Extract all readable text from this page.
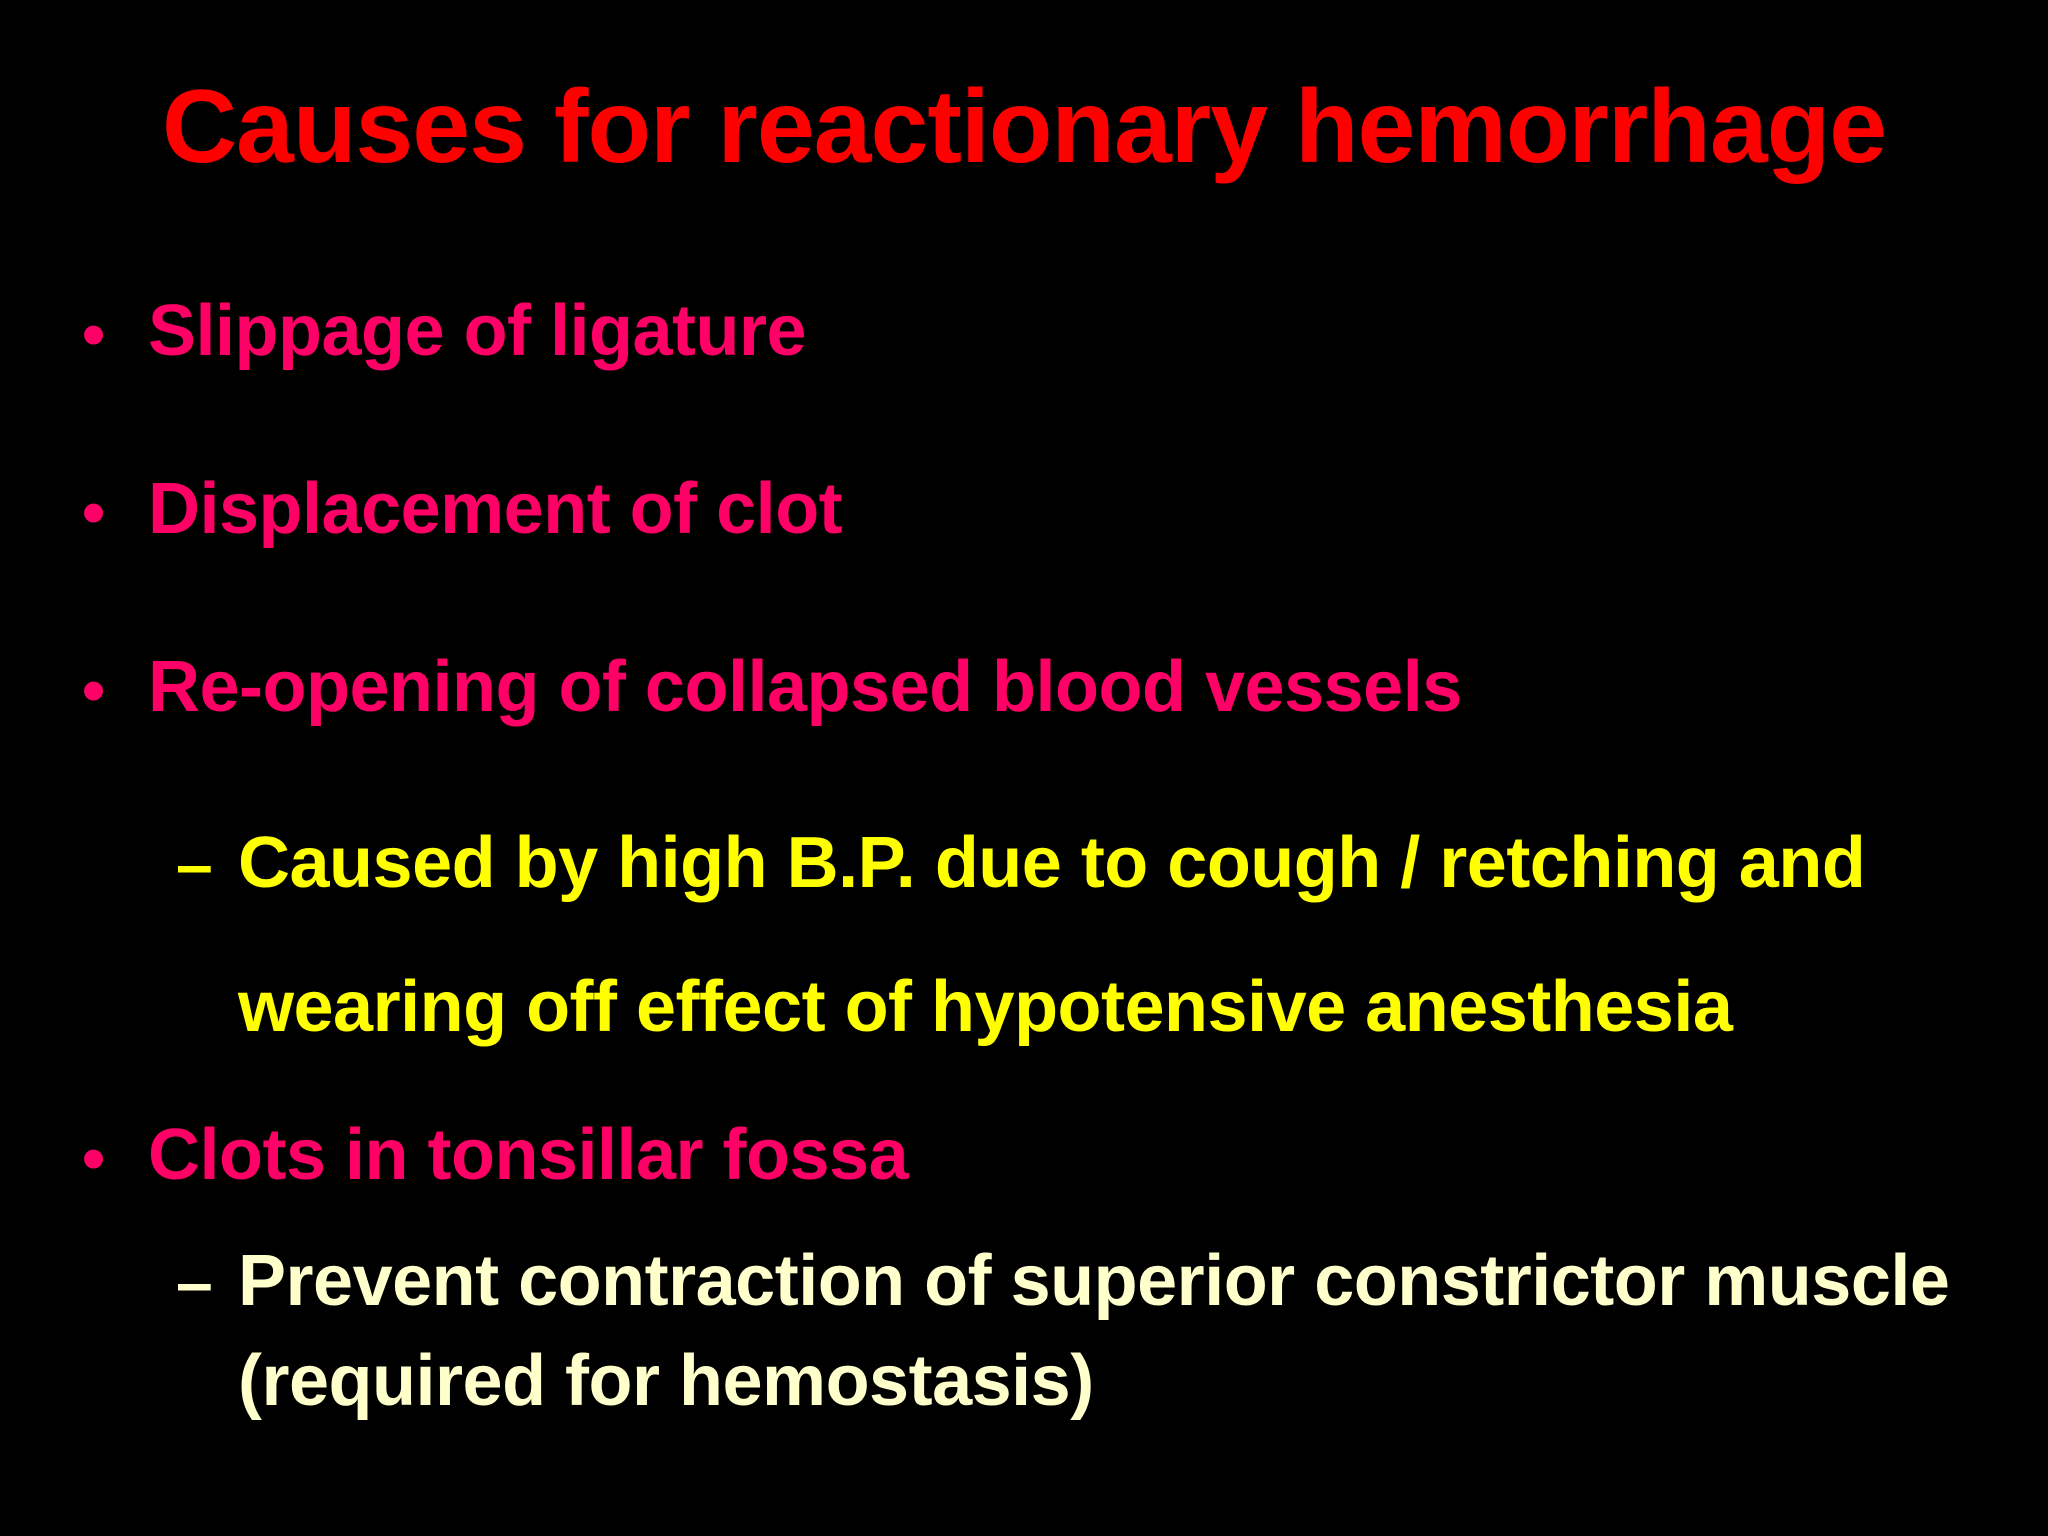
Causes for reactionary hemorrhage
• Slippage of ligature
• Displacement of clot
• Re-opening of collapsed blood vessels
– Caused by high B.P. due to cough / retching and
wearing off effect of hypotensive anesthesia
• Clots in tonsillar fossa
– Prevent contraction of superior constrictor muscle
(required for hemostasis)
